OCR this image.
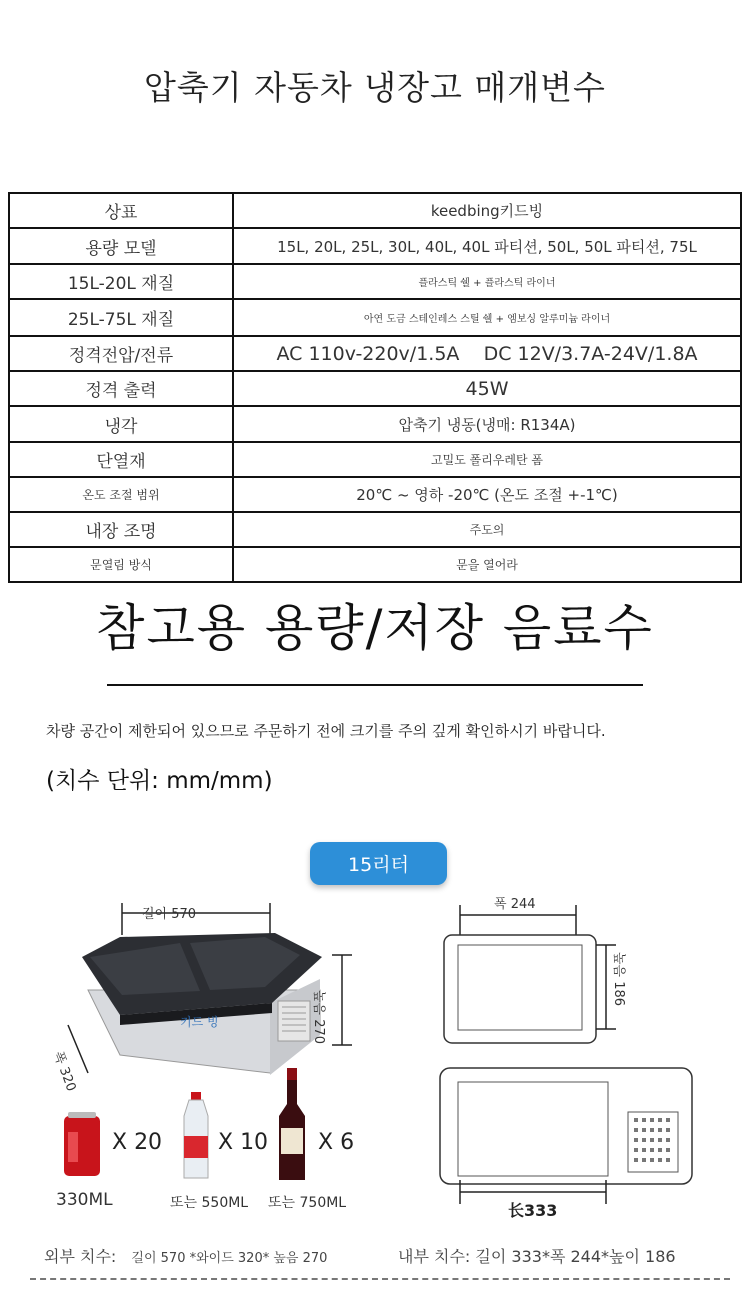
압축기 자동차 냉장고 매개변수
상표	keedbing키드빙
용량 모델	15L, 20L, 25L, 30L, 40L, 40L 파티션, 50L, 50L 파티션, 75L
15L-20L 재질	플라스틱 쉘 + 플라스틱 라이너
25L-75L 재질	아연 도금 스테인레스 스틸 쉘 + 엠보싱 알루미늄 라이너
정격전압/전류	AC 110v-220v/1.5A    DC 12V/3.7A-24V/1.8A
정격 출력	45W
냉각	압축기 냉동(냉매: R134A)
단열재	고밀도 폴리우레탄 폼
온도 조절 범위	20℃ ~ 영하 -20℃ (온도 조절 +-1℃)
내장 조명	주도의
문열림 방식	문을 열어라
참고용 용량/저장 음료수
차량 공간이 제한되어 있으므로 주문하기 전에 크기를 주의 깊게 확인하시기 바랍니다.
(치수 단위: mm/mm)
15리터
길이 570
높음 270
폭 320
키드 빙
폭 244
높음 186
长333
X 20
330ML
X 10
또는 550ML
X 6
또는 750ML
외부 치수: 길이 570 *와이드 320* 높음 270	내부 치수: 길이 333*폭 244*높이 186
